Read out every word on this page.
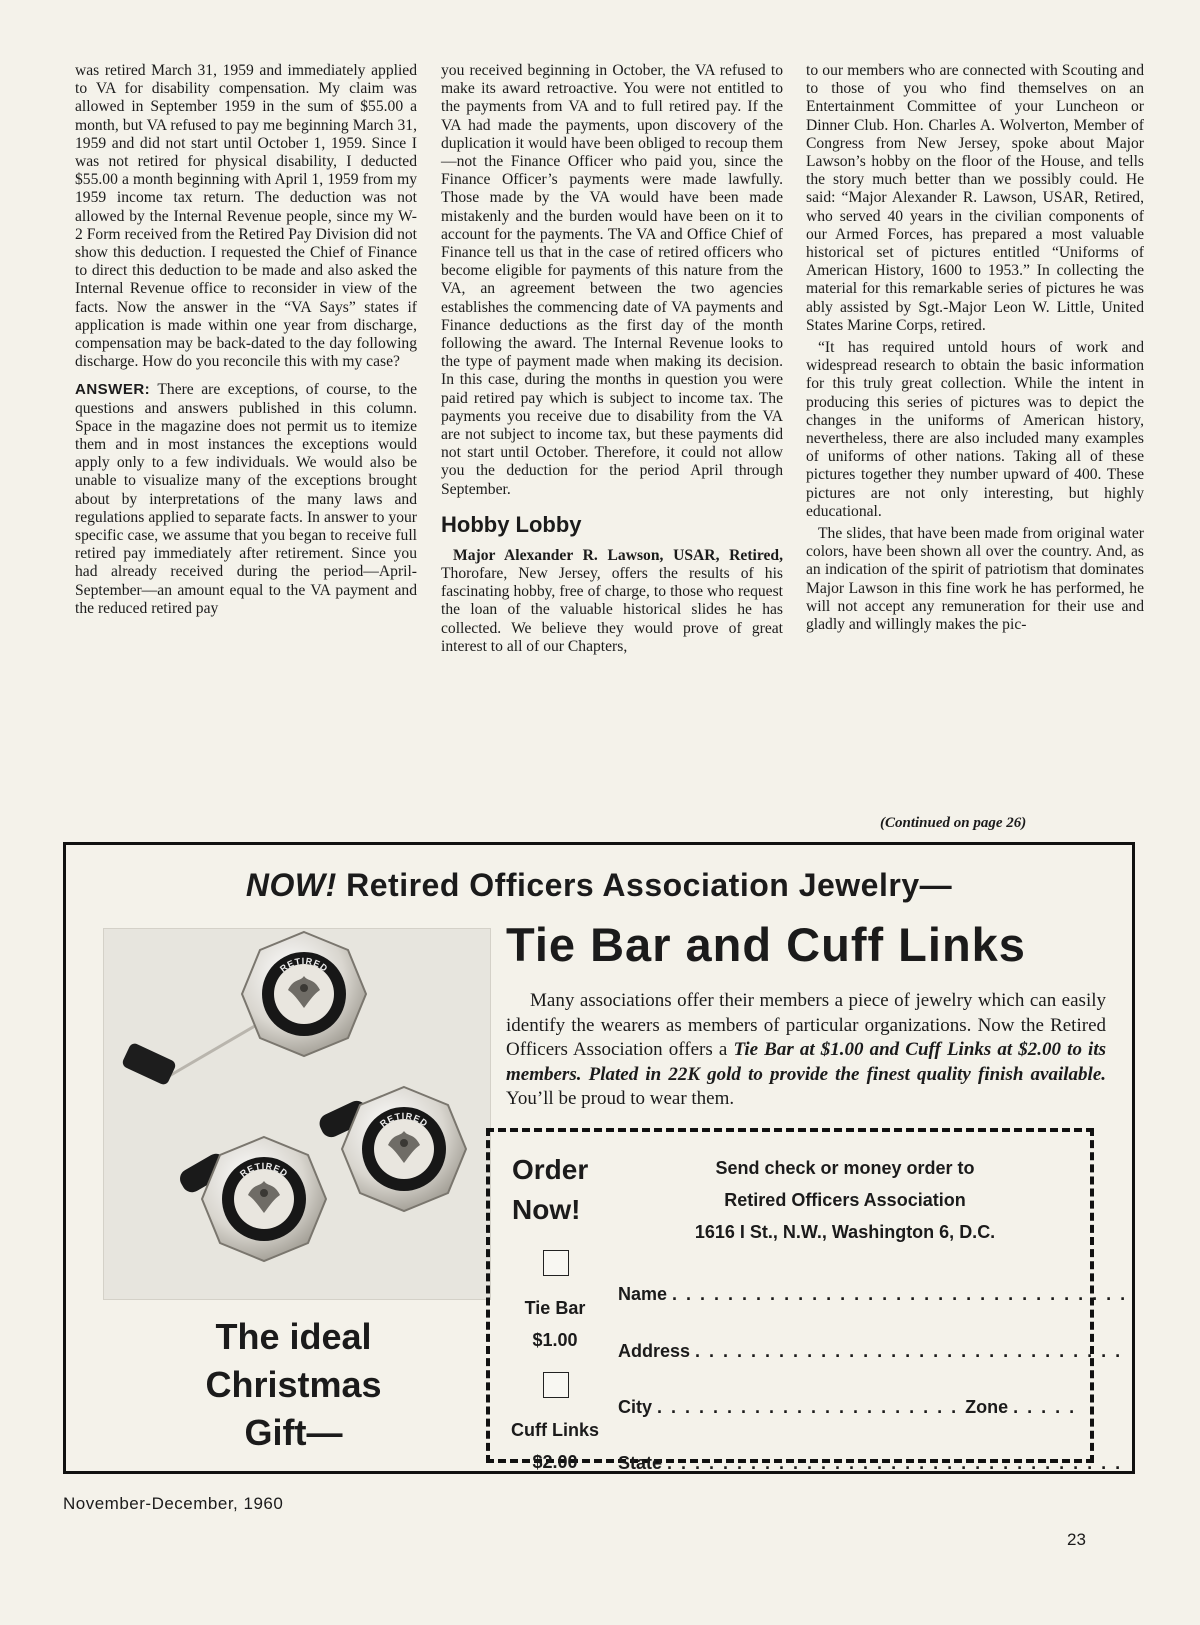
was retired March 31, 1959 and immediately applied to VA for disability compensation. My claim was allowed in September 1959 in the sum of $55.00 a month, but VA refused to pay me beginning March 31, 1959 and did not start until October 1, 1959. Since I was not retired for physical disability, I deducted $55.00 a month beginning with April 1, 1959 from my 1959 income tax return. The deduction was not allowed by the Internal Revenue people, since my W-2 Form received from the Retired Pay Division did not show this deduction. I requested the Chief of Finance to direct this deduction to be made and also asked the Internal Revenue office to reconsider in view of the facts. Now the answer in the “VA Says” states if application is made within one year from discharge, compensation may be back-dated to the day following discharge. How do you reconcile this with my case?

ANSWER: There are exceptions, of course, to the questions and answers published in this column. Space in the magazine does not permit us to itemize them and in most instances the exceptions would apply only to a few individuals. We would also be unable to visualize many of the exceptions brought about by interpretations of the many laws and regulations applied to separate facts. In answer to your specific case, we assume that you began to receive full retired pay immediately after retirement. Since you had already received during the period—April-September—an amount equal to the VA payment and the reduced retired pay

you received beginning in October, the VA refused to make its award retroactive. You were not entitled to the payments from VA and to full retired pay. If the VA had made the payments, upon discovery of the duplication it would have been obliged to recoup them—not the Finance Officer who paid you, since the Finance Officer’s payments were made lawfully. Those made by the VA would have been made mistakenly and the burden would have been on it to account for the payments. The VA and Office Chief of Finance tell us that in the case of retired officers who become eligible for payments of this nature from the VA, an agreement between the two agencies establishes the commencing date of VA payments and Finance deductions as the first day of the month following the award. The Internal Revenue looks to the type of payment made when making its decision. In this case, during the months in question you were paid retired pay which is subject to income tax. The payments you receive due to disability from the VA are not subject to income tax, but these payments did not start until October. Therefore, it could not allow you the deduction for the period April through September.

Hobby Lobby

Major Alexander R. Lawson, USAR, Retired, Thorofare, New Jersey, offers the results of his fascinating hobby, free of charge, to those who request the loan of the valuable historical slides he has collected. We believe they would prove of great interest to all of our Chapters,

to our members who are connected with Scouting and to those of you who find themselves on an Entertainment Committee of your Luncheon or Dinner Club. Hon. Charles A. Wolverton, Member of Congress from New Jersey, spoke about Major Lawson’s hobby on the floor of the House, and tells the story much better than we possibly could. He said: “Major Alexander R. Lawson, USAR, Retired, who served 40 years in the civilian components of our Armed Forces, has prepared a most valuable historical set of pictures entitled “Uniforms of American History, 1600 to 1953.” In collecting the material for this remarkable series of pictures he was ably assisted by Sgt.-Major Leon W. Little, United States Marine Corps, retired.

“It has required untold hours of work and widespread research to obtain the basic information for this truly great collection. While the intent in producing this series of pictures was to depict the changes in the uniforms of American history, nevertheless, there are also included many examples of uniforms of other nations. Taking all of these pictures together they number upward of 400. These pictures are not only interesting, but highly educational.

The slides, that have been made from original water colors, have been shown all over the country. And, as an indication of the spirit of patriotism that dominates Major Lawson in this fine work he has performed, he will not accept any remuneration for their use and gladly and willingly makes the pic-

(Continued on page 26)
NOW! Retired Officers Association Jewelry—
The ideal
Christmas
Gift—
Tie Bar and Cuff Links
Many associations offer their members a piece of jewelry which can easily identify the wearers as members of particular organizations. Now the Retired Officers Association offers a Tie Bar at $1.00 and Cuff Links at $2.00 to its members. Plated in 22K gold to provide the finest quality finish available. You’ll be proud to wear them.
Order
Now!
Send check or money order to
Retired Officers Association
1616 I St., N.W., Washington 6, D.C.
Tie Bar
$1.00
Cuff Links
$2.00
Name . . . . . . . . . . . . . . . . . . . . . . . . . . . . . . . . .
Address . . . . . . . . . . . . . . . . . . . . . . . . . . . . . . .
City . . . . . . . . . . . . . . . . . . . . . . Zone . . . . .
State . . . . . . . . . . . . . . . . . . . . . . . . . . . . . . . . .
November-December, 1960
23
